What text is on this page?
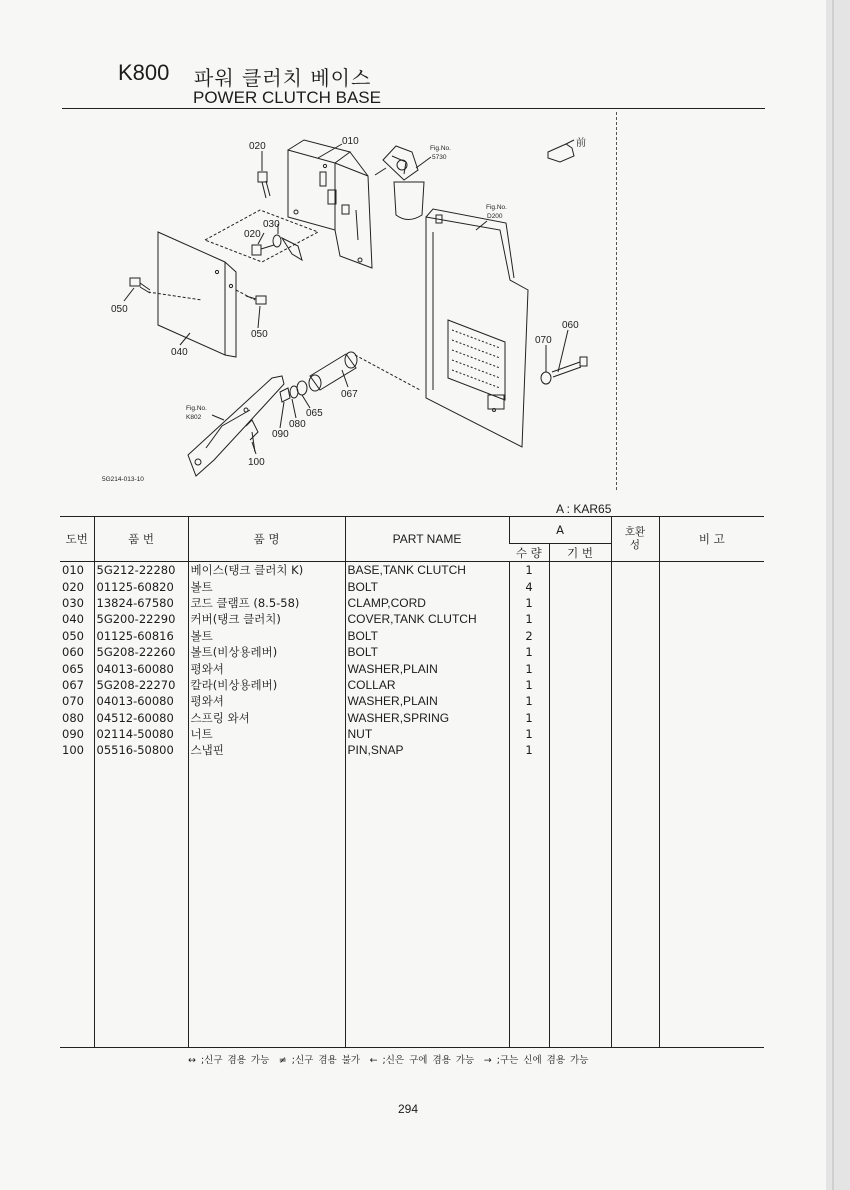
K800 파워 클러치 베이스
POWER CLUTCH BASE
020	010
030
020
050
050
040
060
070
067
065
080
090
100
Fig.No.
5730
Fig.No.
D200
Fig.No.
K802
前
5G214-013-10
A : KAR65
도번	품 번	품 명	PART NAME	A		호환성	비 고
				수 량	기 번		
010	5G212-22280	베이스(탱크 클러치 K)	BASE,TANK CLUTCH	1			
020	01125-60820	볼트	BOLT	4			
030	13824-67580	코드 클램프 (8.5-58)	CLAMP,CORD	1			
040	5G200-22290	커버(탱크 클러치)	COVER,TANK CLUTCH	1			
050	01125-60816	볼트	BOLT	2			
060	5G208-22260	볼트(비상용레버)	BOLT	1			
065	04013-60080	평와셔	WASHER,PLAIN	1			
067	5G208-22270	칼라(비상용레버)	COLLAR	1			
070	04013-60080	평와셔	WASHER,PLAIN	1			
080	04512-60080	스프링 와셔	WASHER,SPRING	1			
090	02114-50080	너트	NUT	1			
100	05516-50800	스냅핀	PIN,SNAP	1			

↔ ;신구 겸용 가능　≠ ;신구 겸용 불가　← ;신은 구에 겸용 가능　→ ;구는 신에 겸용 가능
294
